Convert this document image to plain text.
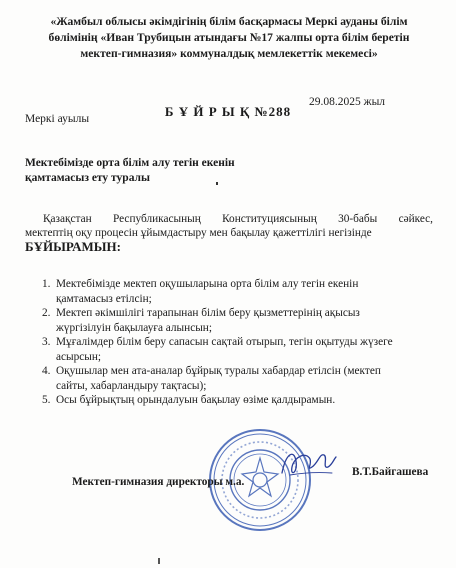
«Жамбыл облысы әкімдігінің білім басқармасы Меркі ауданы білім
бөлімінің «Иван Трубицын атындағы №17 жалпы орта білім беретін
мектеп-гимназия» коммуналдық мемлекеттік мекемесі»
Б Ұ Й Р Ы Қ №288
29.08.2025 жыл
Меркі ауылы
Мектебімізде орта білім алу тегін екенін
қамтамасыз ету туралы
Қазақстан Республикасының Конституциясының 30-бабы сәйкес,
мектептің оқу процесін ұйымдастыру мен бақылау қажеттілігі негізінде
БҰЙЫРАМЫН:
1. Мектебімізде мектеп оқушыларына орта білім алу тегін екенін
қамтамасыз етілсін;
2. Мектеп әкімшілігі тарапынан білім беру қызметтерінің ақысыз
жүргізілуін бақылауға алынсын;
3. Мұғалімдер білім беру сапасын сақтай отырып, тегін оқытуды жүзеге
асырсын;
4. Оқушылар мен ата-аналар бұйрық туралы хабардар етілсін (мектеп
сайты, хабарландыру тақтасы);
5. Осы бұйрықтың орындалуын бақылау өзіме қалдырамын.
Мектеп-гимназия директоры м.а.
В.Т.Байгашева
